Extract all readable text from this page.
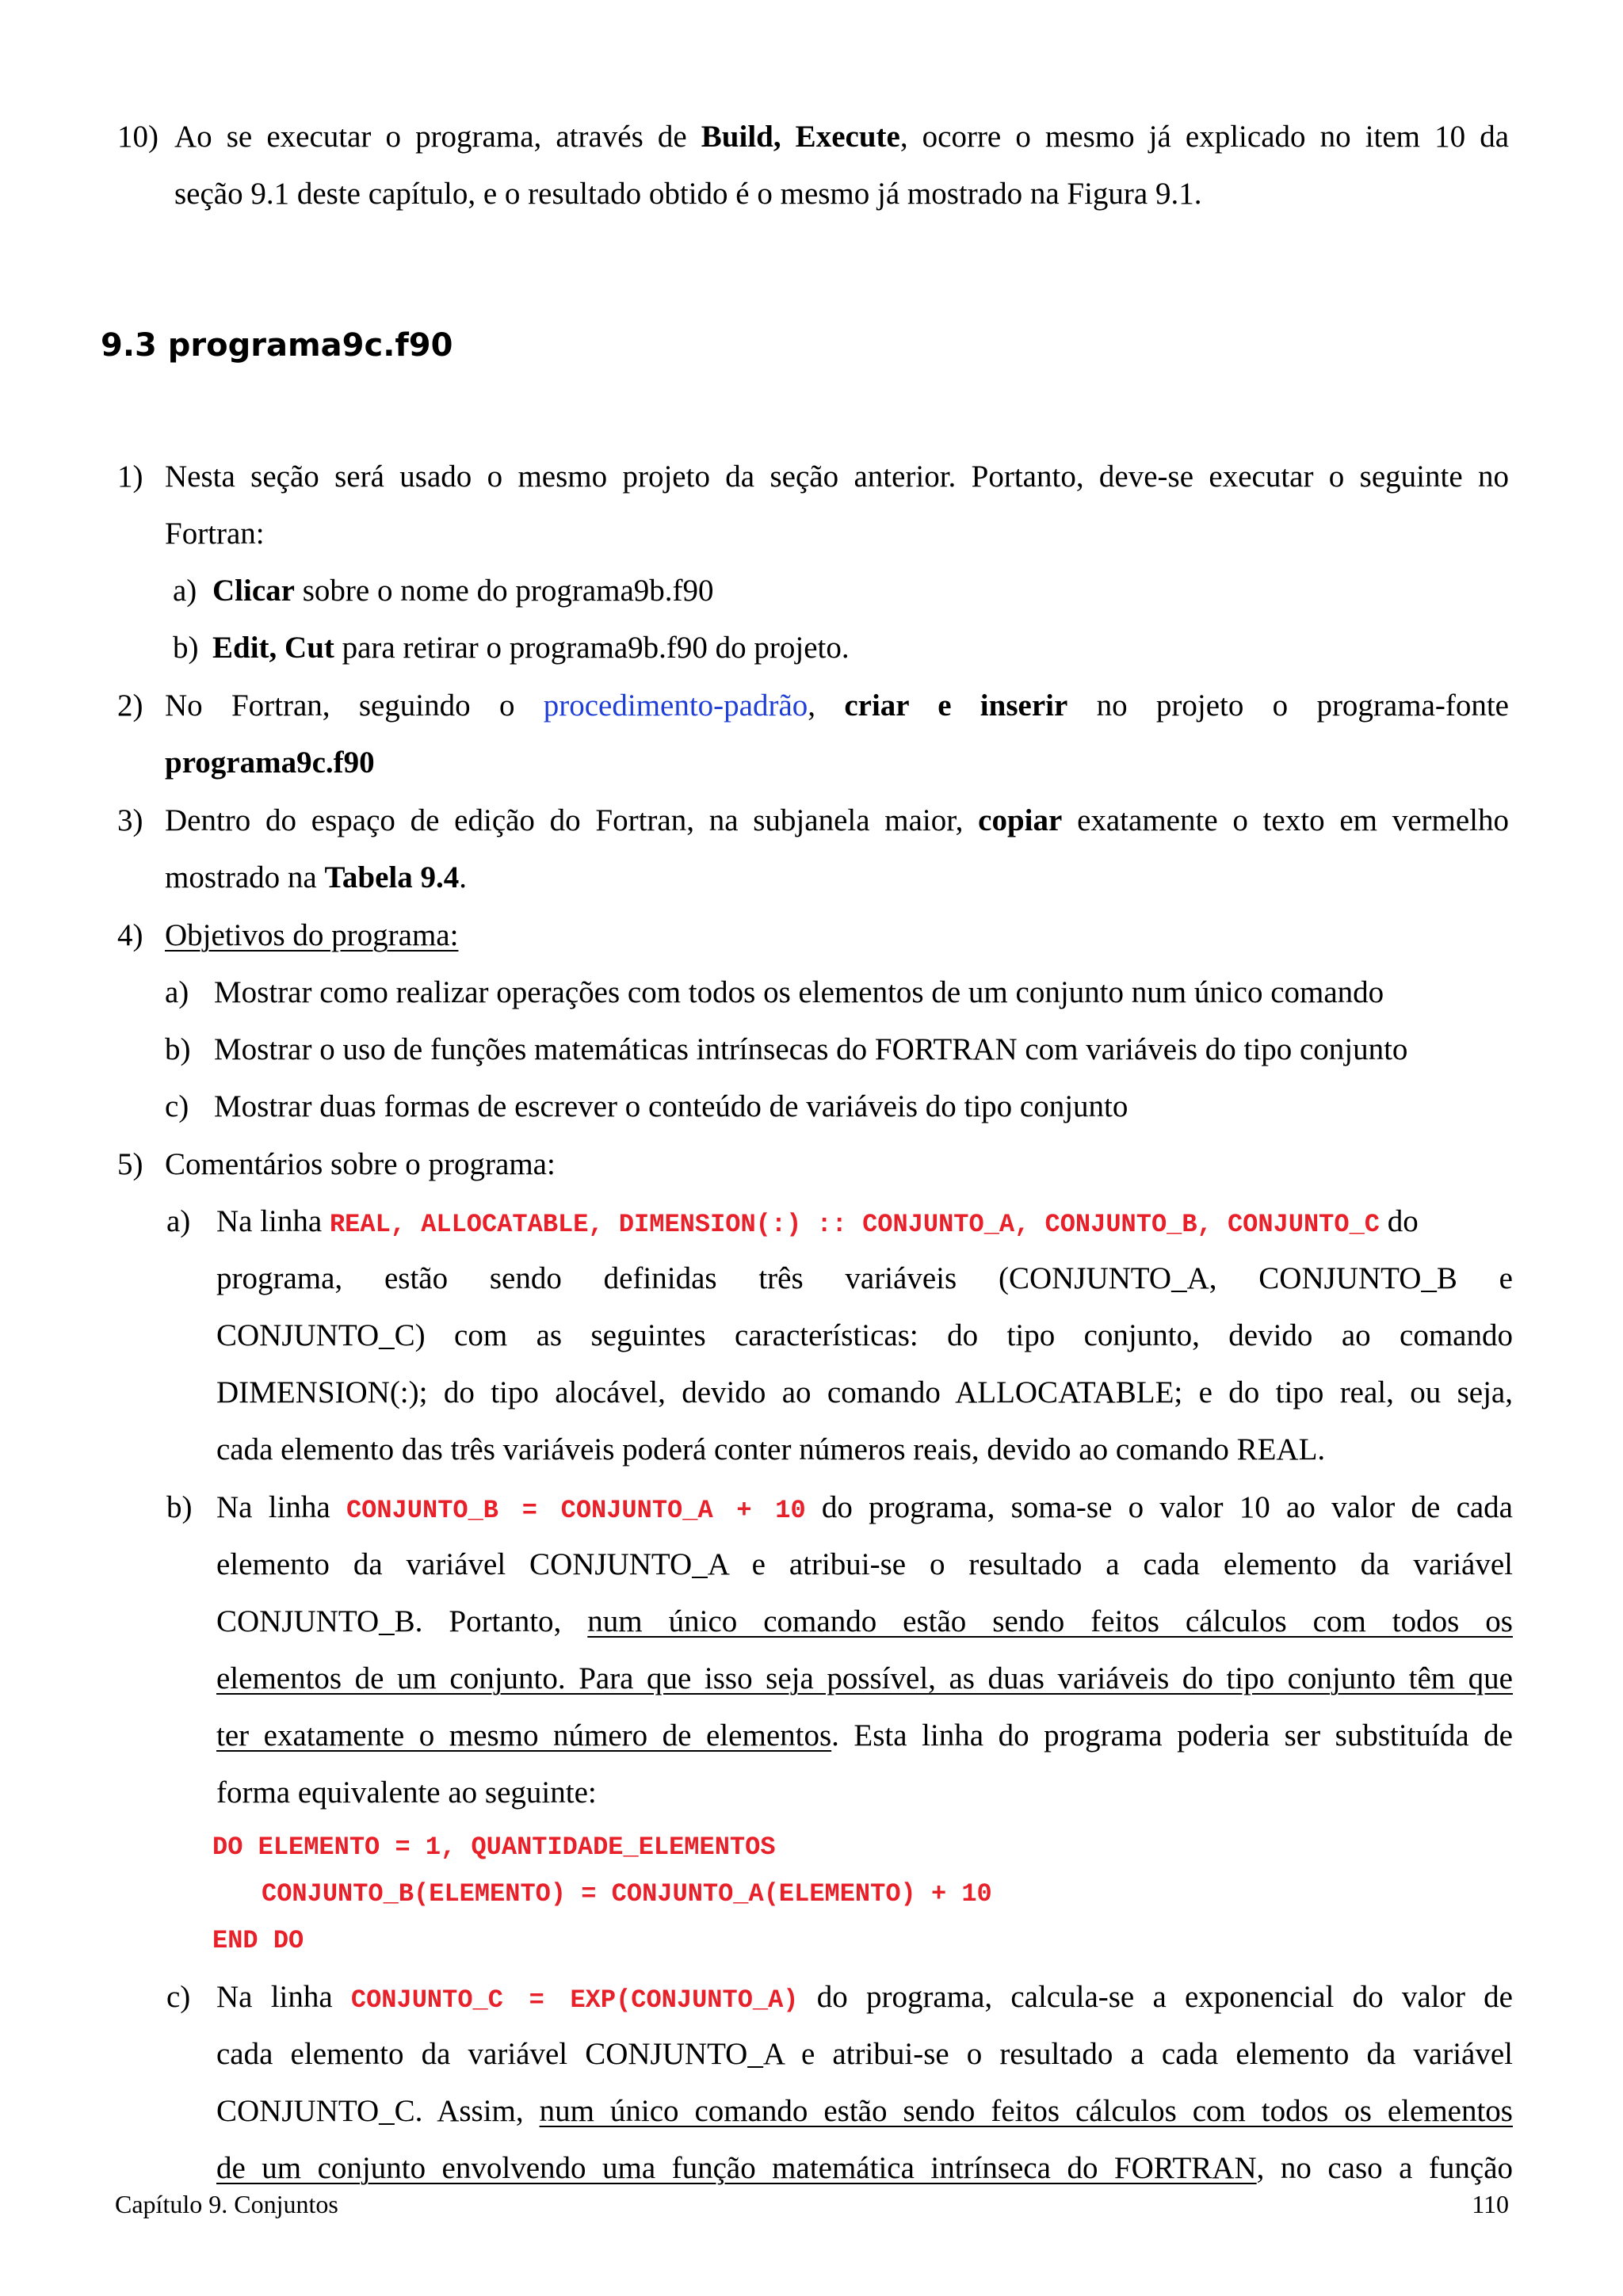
10) Ao se executar o programa, através de Build, Execute, ocorre o mesmo já explicado no item 10 da
seção 9.1 deste capítulo, e o resultado obtido é o mesmo já mostrado na Figura 9.1.
9.3 programa9c.f90
1) Nesta seção será usado o mesmo projeto da seção anterior. Portanto, deve-se executar o seguinte no
Fortran:
a) Clicar sobre o nome do programa9b.f90
b) Edit, Cut para retirar o programa9b.f90 do projeto.
2) No Fortran, seguindo o procedimento-padrão, criar e inserir no projeto o programa-fonte
programa9c.f90
3) Dentro do espaço de edição do Fortran, na subjanela maior, copiar exatamente o texto em vermelho
mostrado na Tabela 9.4.
4) Objetivos do programa:
a) Mostrar como realizar operações com todos os elementos de um conjunto num único comando
b) Mostrar o uso de funções matemáticas intrínsecas do FORTRAN com variáveis do tipo conjunto
c) Mostrar duas formas de escrever o conteúdo de variáveis do tipo conjunto
5) Comentários sobre o programa:
a) Na linha REAL, ALLOCATABLE, DIMENSION(:) :: CONJUNTO_A, CONJUNTO_B, CONJUNTO_C do
programa, estão sendo definidas três variáveis (CONJUNTO_A, CONJUNTO_B e
CONJUNTO_C) com as seguintes características: do tipo conjunto, devido ao comando
DIMENSION(:); do tipo alocável, devido ao comando ALLOCATABLE; e do tipo real, ou seja,
cada elemento das três variáveis poderá conter números reais, devido ao comando REAL.
b) Na linha CONJUNTO_B = CONJUNTO_A + 10 do programa, soma-se o valor 10 ao valor de cada
elemento da variável CONJUNTO_A e atribui-se o resultado a cada elemento da variável
CONJUNTO_B. Portanto, num único comando estão sendo feitos cálculos com todos os
elementos de um conjunto. Para que isso seja possível, as duas variáveis do tipo conjunto têm que
ter exatamente o mesmo número de elementos. Esta linha do programa poderia ser substituída de
forma equivalente ao seguinte:
DO ELEMENTO = 1, QUANTIDADE_ELEMENTOS
CONJUNTO_B(ELEMENTO) = CONJUNTO_A(ELEMENTO) + 10
END DO
c) Na linha CONJUNTO_C = EXP(CONJUNTO_A) do programa, calcula-se a exponencial do valor de
cada elemento da variável CONJUNTO_A e atribui-se o resultado a cada elemento da variável
CONJUNTO_C. Assim, num único comando estão sendo feitos cálculos com todos os elementos
de um conjunto envolvendo uma função matemática intrínseca do FORTRAN, no caso a função
Capítulo 9. Conjuntos	110
